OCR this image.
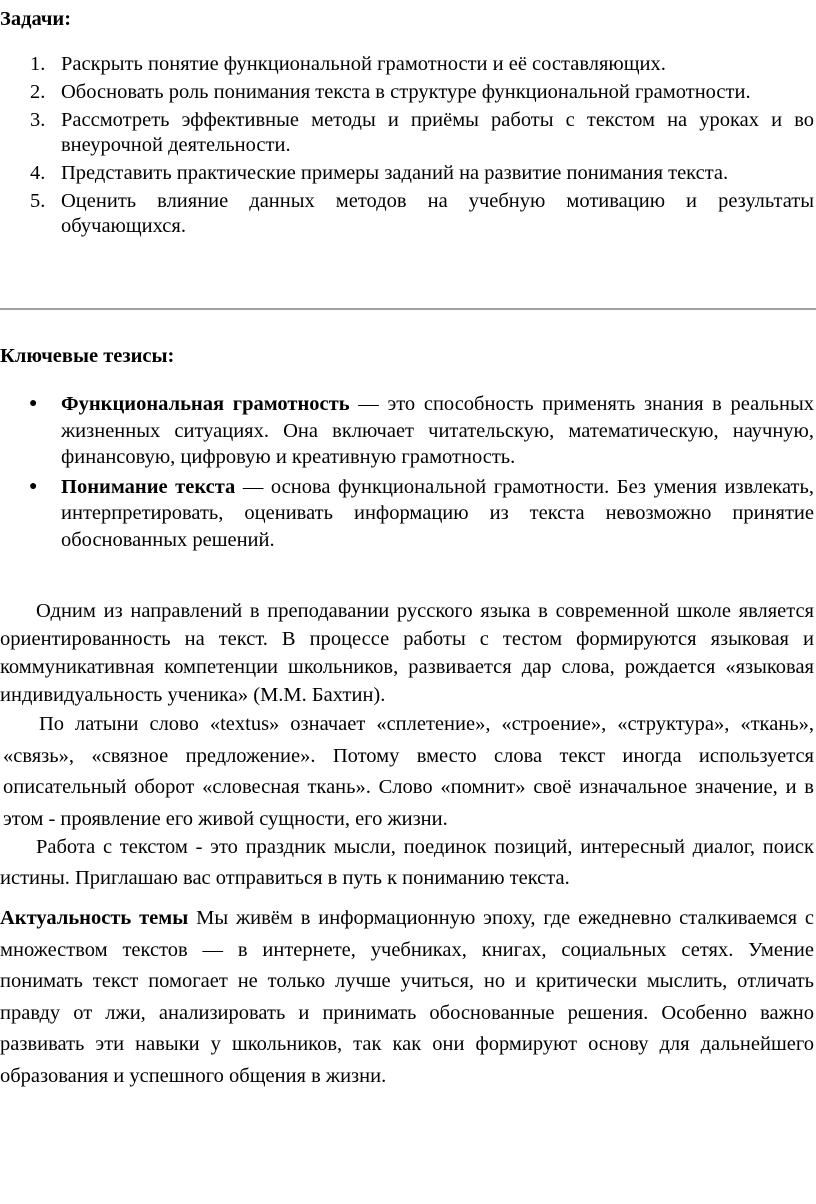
Задачи:
1. Раскрыть понятие функциональной грамотности и её составляющих.
2. Обосновать роль понимания текста в структуре функциональной грамотности.
3. Рассмотреть эффективные методы и приёмы работы с текстом на уроках и во внеурочной деятельности.
4. Представить практические примеры заданий на развитие понимания текста.
5. Оценить влияние данных методов на учебную мотивацию и результаты обучающихся.
Ключевые тезисы:
● Функциональная грамотность — это способность применять знания в реальных жизненных ситуациях. Она включает читательскую, математическую, научную, финансовую, цифровую и креативную грамотность.
● Понимание текста — основа функциональной грамотности. Без умения извлекать, интерпретировать, оценивать информацию из текста невозможно принятие обоснованных решений.

Одним из направлений в преподавании русского языка в современной школе является ориентированность на текст. В процессе работы с тестом формируются языковая и коммуникативная компетенции школьников, развивается дар слова, рождается «языковая индивидуальность ученика» (М.М. Бахтин).

По латыни слово «textus» означает «сплетение», «строение», «структура», «ткань», «связь», «связное предложение». Потому вместо слова текст иногда используется описательный оборот «словесная ткань». Слово «помнит» своё изначальное значение, и в этом - проявление его живой сущности, его жизни.

Работа с текстом - это праздник мысли, поединок позиций, интересный диалог, поиск истины. Приглашаю вас отправиться в путь к пониманию текста.

Актуальность темы Мы живём в информационную эпоху, где ежедневно сталкиваемся с множеством текстов — в интернете, учебниках, книгах, социальных сетях. Умение понимать текст помогает не только лучше учиться, но и критически мыслить, отличать правду от лжи, анализировать и принимать обоснованные решения. Особенно важно развивать эти навыки у школьников, так как они формируют основу для дальнейшего образования и успешного общения в жизни.
